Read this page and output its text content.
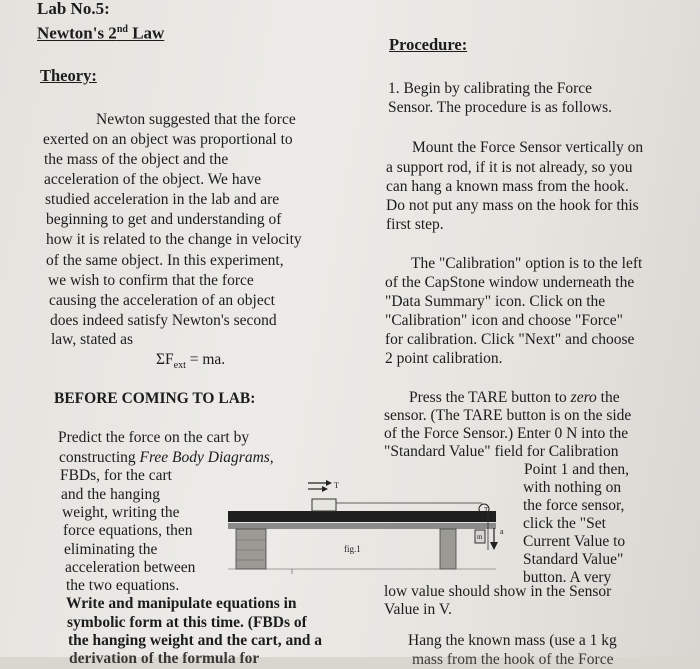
Lab No.5:
Newton's 2nd Law
Theory:
Newton suggested that the force
exerted on an object was proportional to
the mass of the object and the
acceleration of the object. We have
studied acceleration in the lab and are
beginning to get and understanding of
how it is related to the change in velocity
of the same object. In this experiment,
we wish to confirm that the force
causing the acceleration of an object
does indeed satisfy Newton's second
law, stated as
$\Sigma F_{ext}$ = ma.
BEFORE COMING TO LAB:
Predict the force on the cart by
constructing Free Body Diagrams,
FBDs, for the cart
and the hanging
weight, writing the
force equations, then
eliminating the
acceleration between
the two equations.
Write and manipulate equations in
symbolic form at this time. (FBDs of
the hanging weight and the cart, and a
derivation of the formula for
Procedure:
1. Begin by calibrating the Force
Sensor. The procedure is as follows.
Mount the Force Sensor vertically on
a support rod, if it is not already, so you
can hang a known mass from the hook.
Do not put any mass on the hook for this
first step.
The "Calibration" option is to the left
of the CapStone window underneath the
"Data Summary" icon. Click on the
"Calibration" icon and choose "Force"
for calibration. Click "Next" and choose
2 point calibration.
Press the TARE button to zero the
sensor. (The TARE button is on the side
of the Force Sensor.) Enter 0 N into the
"Standard Value" field for Calibration
Point 1 and then,
with nothing on
the force sensor,
click the "Set
Current Value to
Standard Value"
button. A very
low value should show in the Sensor
Value in V.
Hang the known mass (use a 1 kg
mass from the hook of the Force
T
T
m
a
fig.1
